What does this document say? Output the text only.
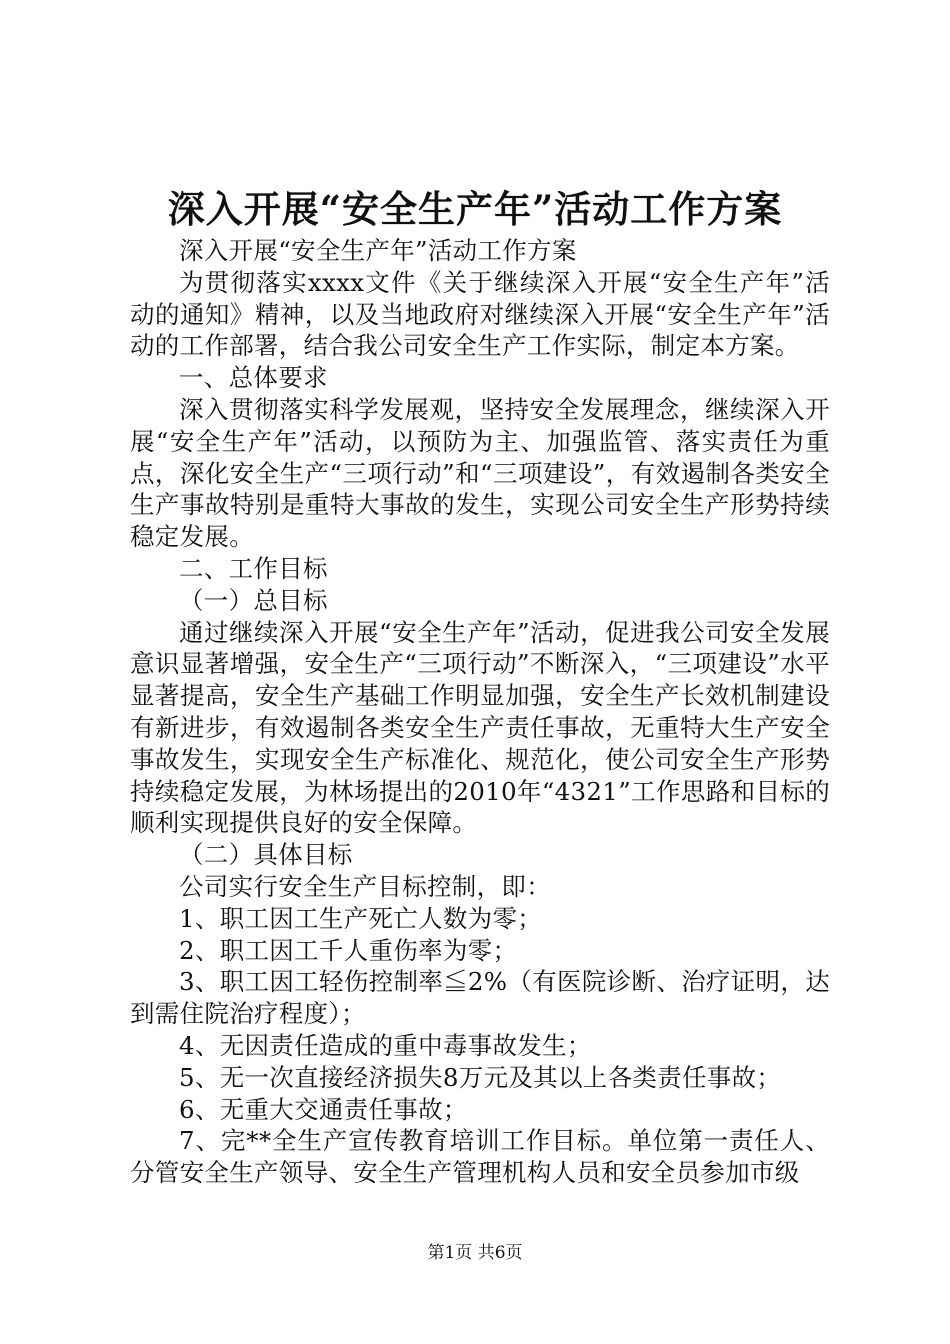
深入开展“安全生产年”活动工作方案

深入开展“安全生产年”活动工作方案

为贯彻落实xxxx文件《关于继续深入开展“安全生产年”活动的通知》精神，以及当地政府对继续深入开展“安全生产年”活动的工作部署，结合我公司安全生产工作实际，制定本方案。

一、总体要求

深入贯彻落实科学发展观，坚持安全发展理念，继续深入开展“安全生产年”活动，以预防为主、加强监管、落实责任为重点，深化安全生产“三项行动”和“三项建设”，有效遏制各类安全生产事故特别是重特大事故的发生，实现公司安全生产形势持续稳定发展。

二、工作目标

（一）总目标

通过继续深入开展“安全生产年”活动，促进我公司安全发展意识显著增强，安全生产“三项行动”不断深入，“三项建设”水平显著提高，安全生产基础工作明显加强，安全生产长效机制建设有新进步，有效遏制各类安全生产责任事故，无重特大生产安全事故发生，实现安全生产标准化、规范化，使公司安全生产形势持续稳定发展，为林场提出的2010年“4321”工作思路和目标的顺利实现提供良好的安全保障。

（二）具体目标

公司实行安全生产目标控制，即：

1、职工因工生产死亡人数为零；

2、职工因工千人重伤率为零；

3、职工因工轻伤控制率≦2%（有医院诊断、治疗证明，达到需住院治疗程度）；

4、无因责任造成的重中毒事故发生；

5、无一次直接经济损失8万元及其以上各类责任事故；

6、无重大交通责任事故；

7、完**全生产宣传教育培训工作目标。单位第一责任人、分管安全生产领导、安全生产管理机构人员和安全员参加市级

第1页 共6页
